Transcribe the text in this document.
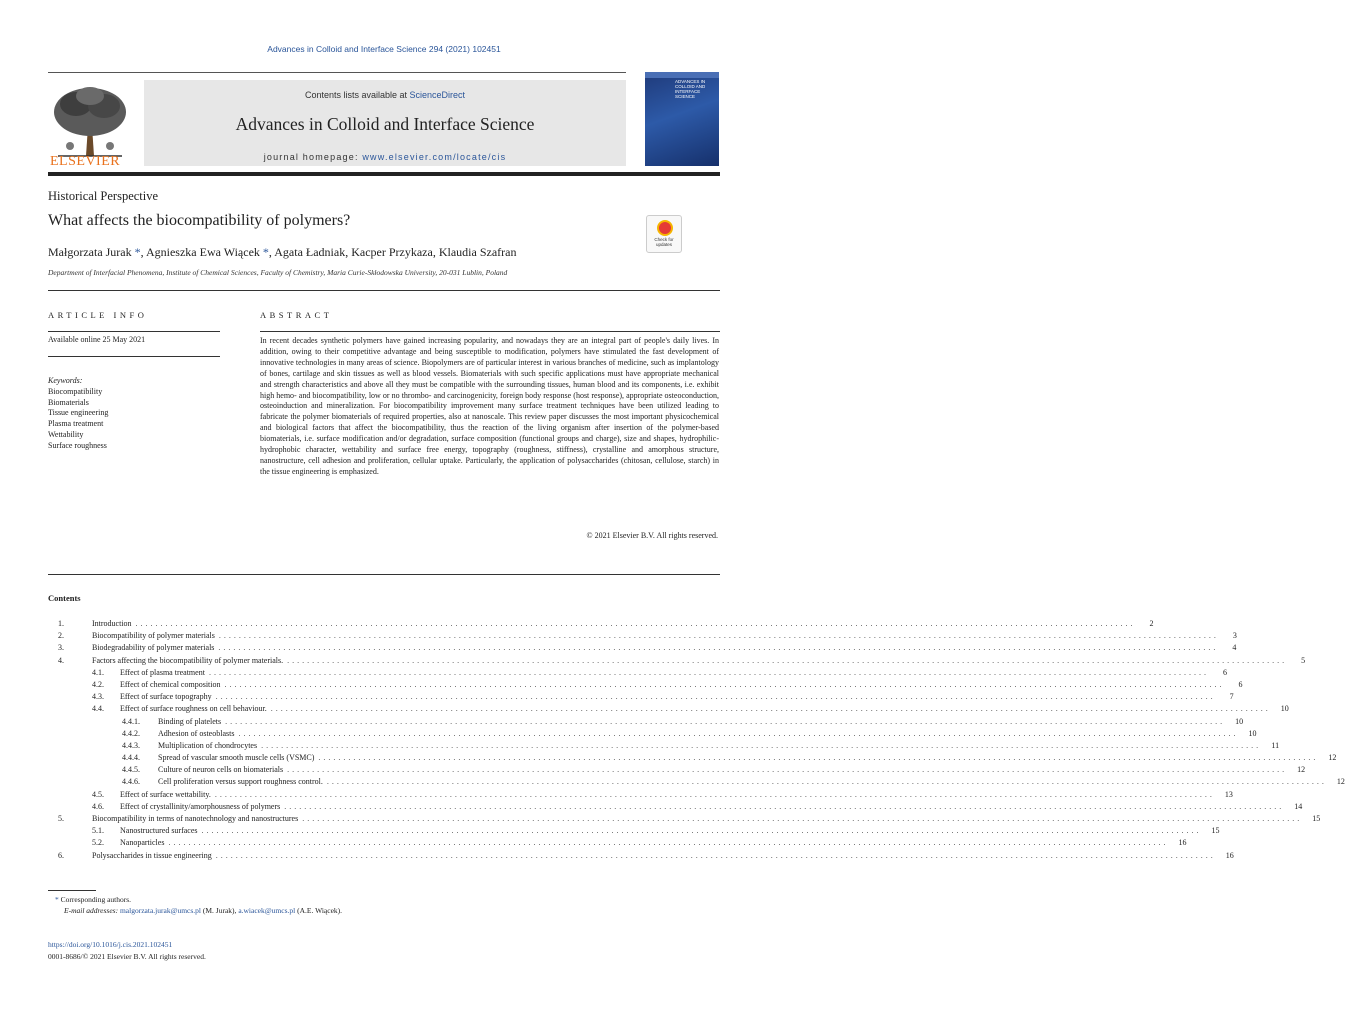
Advances in Colloid and Interface Science 294 (2021) 102451
ELSEVIER
Contents lists available at ScienceDirect
Advances in Colloid and Interface Science
journal homepage: www.elsevier.com/locate/cis
ADVANCES IN COLLOID AND INTERFACE SCIENCE
Historical Perspective
What affects the biocompatibility of polymers?
Małgorzata Jurak *, Agnieszka Ewa Wiącek *, Agata Ładniak, Kacper Przykaza, Klaudia Szafran
Department of Interfacial Phenomena, Institute of Chemical Sciences, Faculty of Chemistry, Maria Curie-Skłodowska University, 20-031 Lublin, Poland
Check for updates
ARTICLE INFO
Available online 25 May 2021
Keywords:
Biocompatibility
Biomaterials
Tissue engineering
Plasma treatment
Wettability
Surface roughness
ABSTRACT
In recent decades synthetic polymers have gained increasing popularity, and nowadays they are an integral part of people's daily lives. In addition, owing to their competitive advantage and being susceptible to modification, polymers have stimulated the fast development of innovative technologies in many areas of science. Biopolymers are of particular interest in various branches of medicine, such as implantology of bones, cartilage and skin tissues as well as blood vessels. Biomaterials with such specific applications must have appropriate mechanical and strength characteristics and above all they must be compatible with the surrounding tissues, human blood and its components, i.e. exhibit high hemo- and biocompatibility, low or no thrombo- and carcinogenicity, foreign body response (host response), appropriate osteoconduction, osteoinduction and mineralization. For biocompatibility improvement many surface treatment techniques have been utilized leading to fabricate the polymer biomaterials of required properties, also at nanoscale. This review paper discusses the most important physicochemical and biological factors that affect the biocompatibility, thus the reaction of the living organism after insertion of the polymer-based biomaterials, i.e. surface modification and/or degradation, surface composition (functional groups and charge), size and shapes, hydrophilic-hydrophobic character, wettability and surface free energy, topography (roughness, stiffness), crystalline and amorphous structure, nanostructure, cell adhesion and proliferation, cellular uptake. Particularly, the application of polysaccharides (chitosan, cellulose, starch) in the tissue engineering is emphasized.
© 2021 Elsevier B.V. All rights reserved.
Contents
1.	Introduction ........................................................................................................................................................................................................	2
2.	Biocompatibility of polymer materials ........................................................................................................................................................................................................	3
3.	Biodegradability of polymer materials ........................................................................................................................................................................................................	4
4.	Factors affecting the biocompatibility of polymer materials. ........................................................................................................................................................................................................	5
4.1.	Effect of plasma treatment ........................................................................................................................................................................................................	6
4.2.	Effect of chemical composition ........................................................................................................................................................................................................	6
4.3.	Effect of surface topography ........................................................................................................................................................................................................	7
4.4.	Effect of surface roughness on cell behaviour. ........................................................................................................................................................................................................	10
4.4.1.	Binding of platelets ........................................................................................................................................................................................................	10
4.4.2.	Adhesion of osteoblasts ........................................................................................................................................................................................................	10
4.4.3.	Multiplication of chondrocytes ........................................................................................................................................................................................................	11
4.4.4.	Spread of vascular smooth muscle cells (VSMC) ........................................................................................................................................................................................................	12
4.4.5.	Culture of neuron cells on biomaterials ........................................................................................................................................................................................................	12
4.4.6.	Cell proliferation versus support roughness control. ........................................................................................................................................................................................................	12
4.5.	Effect of surface wettability. ........................................................................................................................................................................................................	13
4.6.	Effect of crystallinity/amorphousness of polymers ........................................................................................................................................................................................................	14
5.	Biocompatibility in terms of nanotechnology and nanostructures ........................................................................................................................................................................................................	15
5.1.	Nanostructured surfaces ........................................................................................................................................................................................................	15
5.2.	Nanoparticles ........................................................................................................................................................................................................	16
6.	Polysaccharides in tissue engineering ........................................................................................................................................................................................................	16
* Corresponding authors.
E-mail addresses: malgorzata.jurak@umcs.pl (M. Jurak), a.wiacek@umcs.pl (A.E. Wiącek).
https://doi.org/10.1016/j.cis.2021.102451
0001-8686/© 2021 Elsevier B.V. All rights reserved.
